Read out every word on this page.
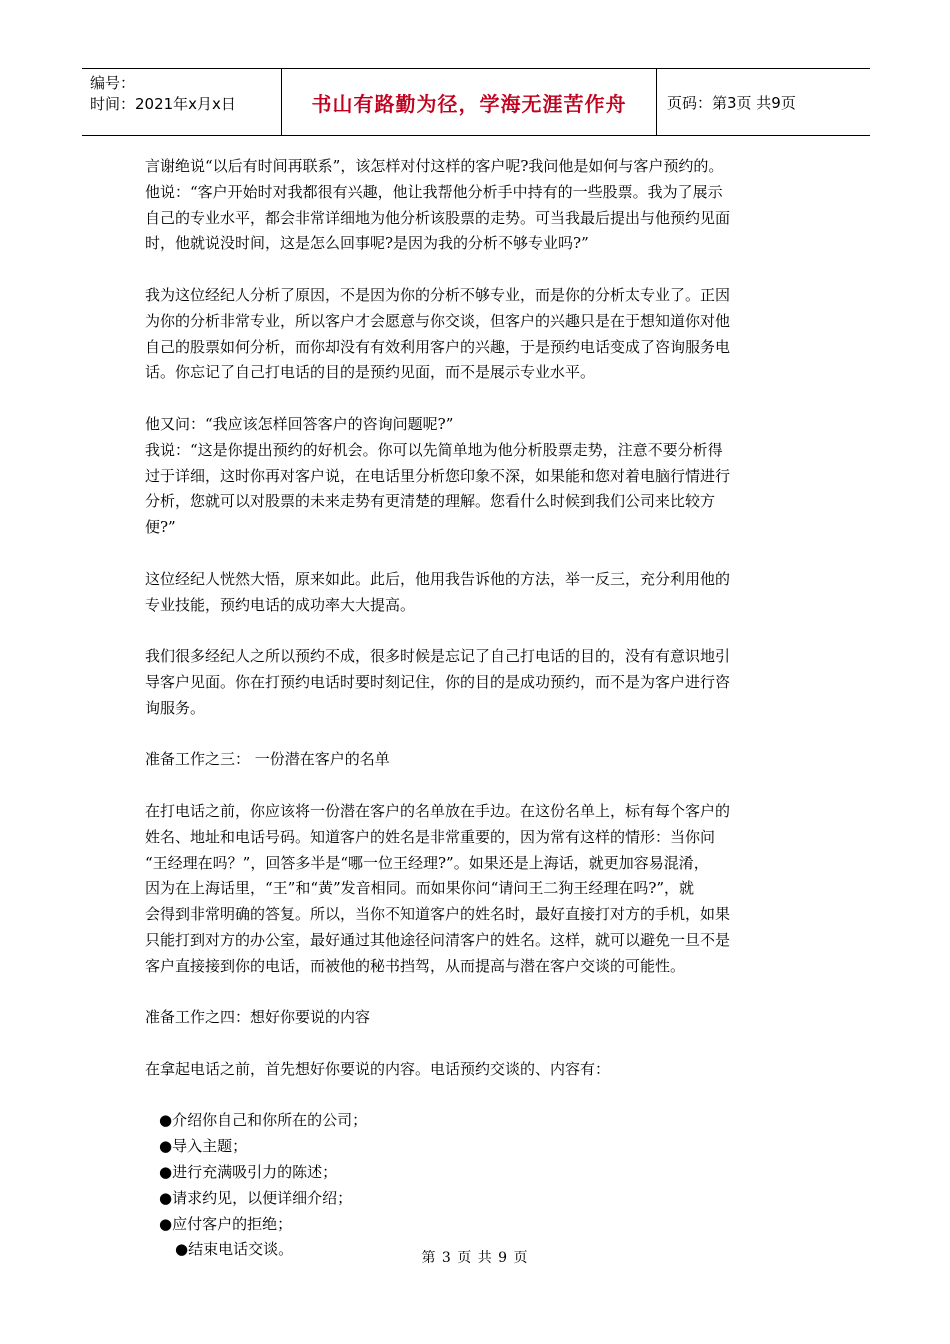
编号：
时间：2021年x月x日	书山有路勤为径，学海无涯苦作舟	页码：第3页 共9页

言谢绝说“以后有时间再联系”，该怎样对付这样的客户呢?我问他是如何与客户预约的。

他说：“客户开始时对我都很有兴趣，他让我帮他分析手中持有的一些股票。我为了展示
自己的专业水平，都会非常详细地为他分析该股票的走势。可当我最后提出与他预约见面
时，他就说没时间，这是怎么回事呢?是因为我的分析不够专业吗?”

我为这位经纪人分析了原因，不是因为你的分析不够专业，而是你的分析太专业了。正因
为你的分析非常专业，所以客户才会愿意与你交谈，但客户的兴趣只是在于想知道你对他
自己的股票如何分析，而你却没有有效利用客户的兴趣，于是预约电话变成了咨询服务电
话。你忘记了自己打电话的目的是预约见面，而不是展示专业水平。

他又问：“我应该怎样回答客户的咨询问题呢?”

我说：“这是你提出预约的好机会。你可以先简单地为他分析股票走势，注意不要分析得
过于详细，这时你再对客户说，在电话里分析您印象不深，如果能和您对着电脑行情进行
分析，您就可以对股票的未来走势有更清楚的理解。您看什么时候到我们公司来比较方
便?”

这位经纪人恍然大悟，原来如此。此后，他用我告诉他的方法，举一反三，充分利用他的
专业技能，预约电话的成功率大大提高。

我们很多经纪人之所以预约不成，很多时候是忘记了自己打电话的目的，没有有意识地引
导客户见面。你在打预约电话时要时刻记住，你的目的是成功预约，而不是为客户进行咨
询服务。

准备工作之三： 一份潜在客户的名单

在打电话之前，你应该将一份潜在客户的名单放在手边。在这份名单上，标有每个客户的
姓名、地址和电话号码。知道客户的姓名是非常重要的，因为常有这样的情形：当你问
“王经理在吗？”，回答多半是“哪一位王经理?”。如果还是上海话，就更加容易混淆，
因为在上海话里，“王”和“黄”发音相同。而如果你问“请问王二狗王经理在吗?”，就
会得到非常明确的答复。所以，当你不知道客户的姓名时，最好直接打对方的手机，如果
只能打到对方的办公室，最好通过其他途径问清客户的姓名。这样，就可以避免一旦不是
客户直接接到你的电话，而被他的秘书挡驾，从而提高与潜在客户交谈的可能性。

准备工作之四：想好你要说的内容

在拿起电话之前，首先想好你要说的内容。电话预约交谈的、内容有：

●介绍你自己和你所在的公司；
●导入主题；
●进行充满吸引力的陈述；
●请求约见，以便详细介绍；
●应付客户的拒绝；
●结束电话交谈。	第 3 页 共 9 页
